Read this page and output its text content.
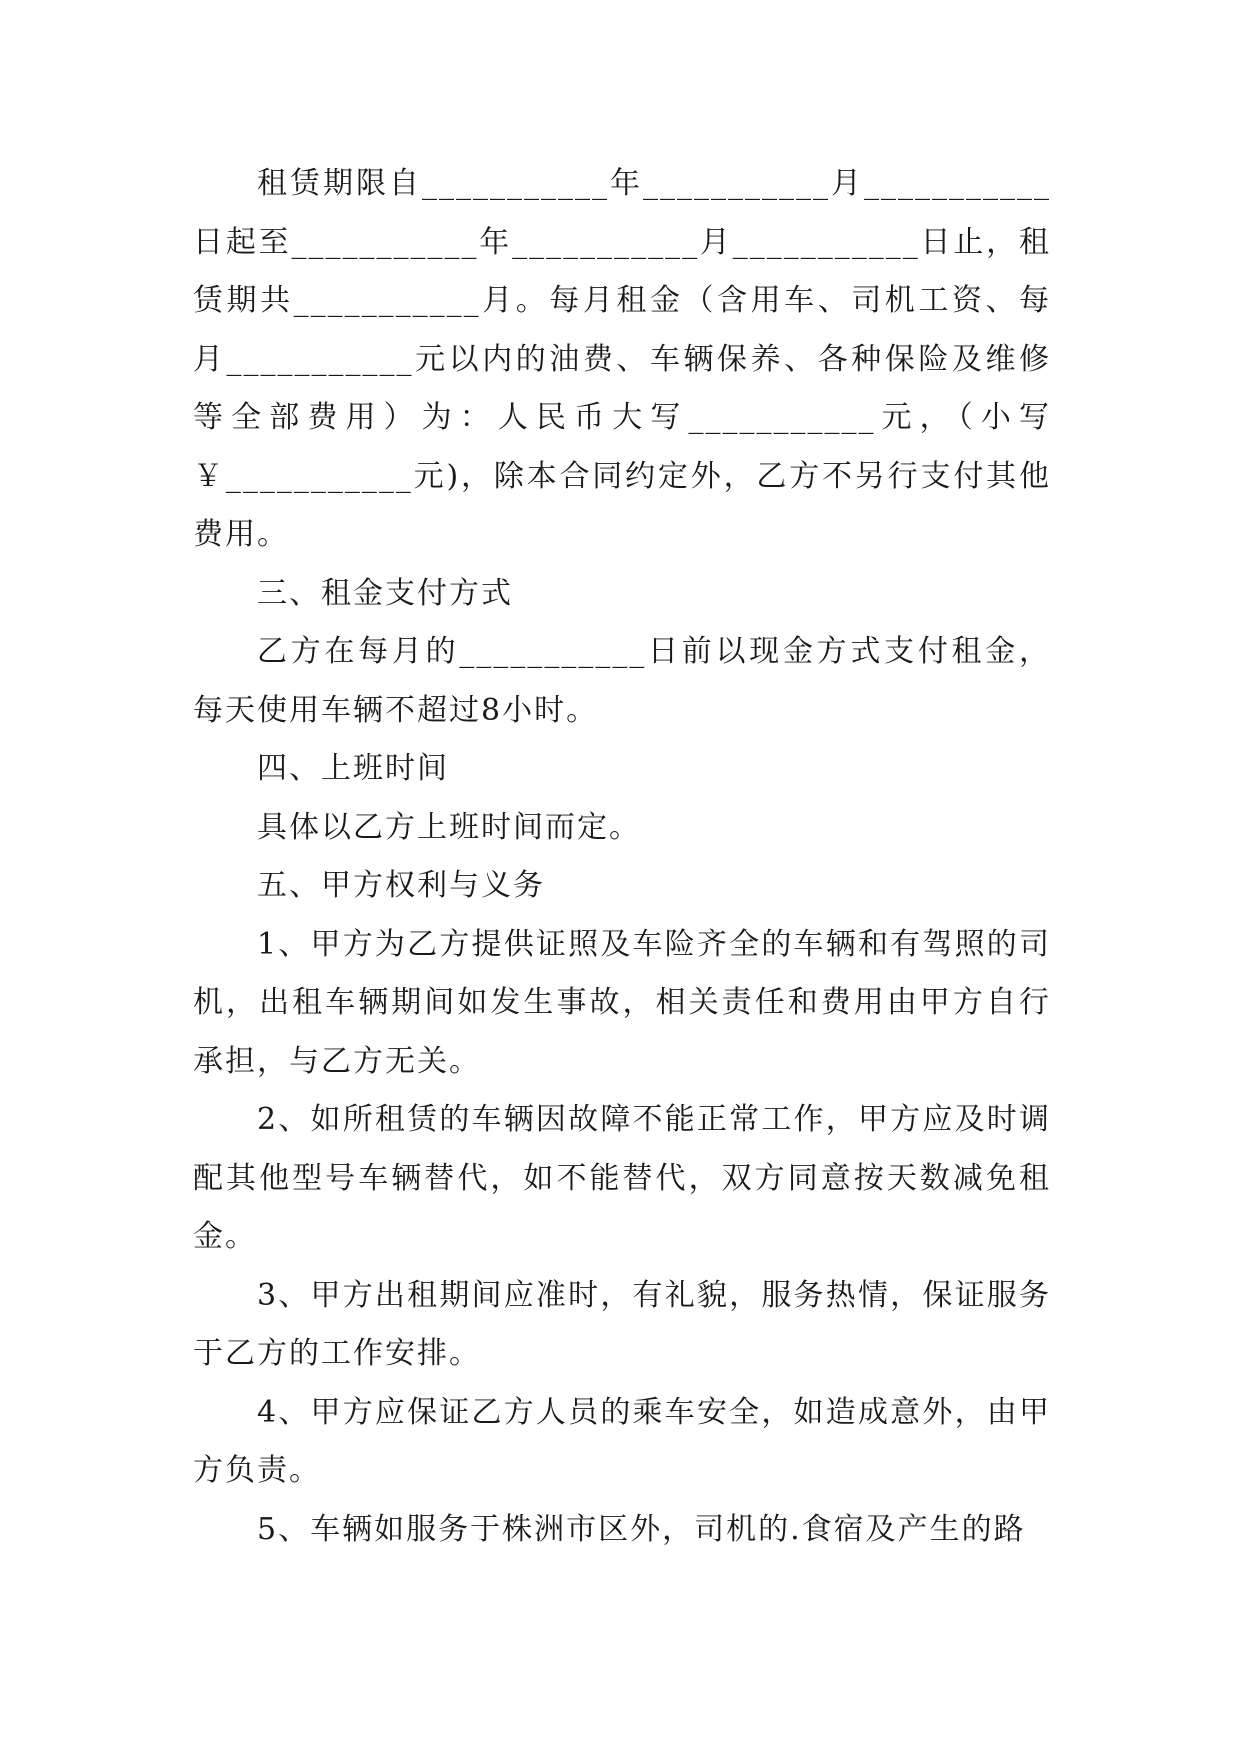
租赁期限自___________年___________月___________日起至___________年___________月___________日止，租赁期共___________月。每月租金（含用车、司机工资、每月___________元以内的油费、车辆保养、各种保险及维修等全部费用）为：人民币大写___________元，（小写￥___________元)，除本合同约定外，乙方不另行支付其他费用。

三、租金支付方式

乙方在每月的___________日前以现金方式支付租金，每天使用车辆不超过8小时。

四、上班时间

具体以乙方上班时间而定。

五、甲方权利与义务

1、甲方为乙方提供证照及车险齐全的车辆和有驾照的司机，出租车辆期间如发生事故，相关责任和费用由甲方自行承担，与乙方无关。

2、如所租赁的车辆因故障不能正常工作，甲方应及时调配其他型号车辆替代，如不能替代，双方同意按天数减免租金。

3、甲方出租期间应准时，有礼貌，服务热情，保证服务于乙方的工作安排。

4、甲方应保证乙方人员的乘车安全，如造成意外，由甲方负责。

5、车辆如服务于株洲市区外，司机的.食宿及产生的路
